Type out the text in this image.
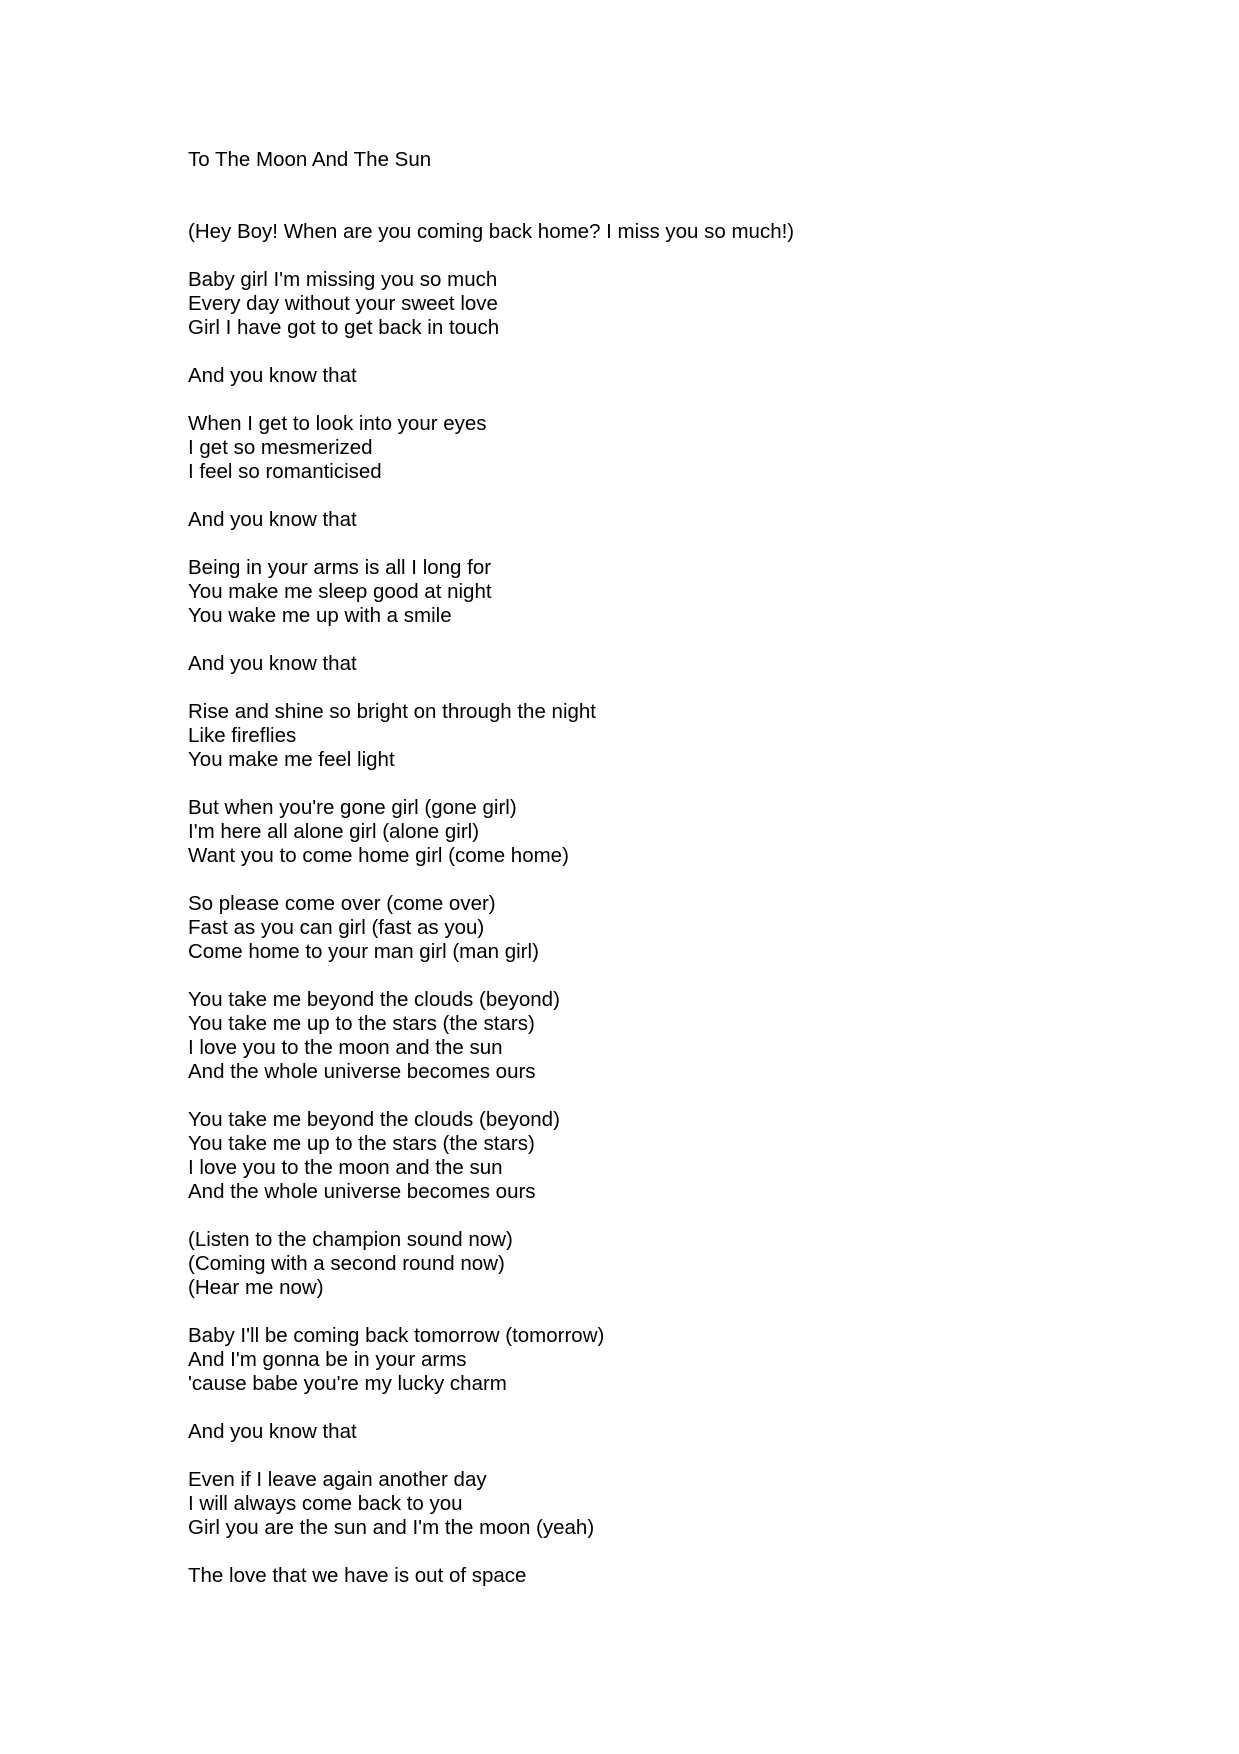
To The Moon And The Sun
(Hey Boy! When are you coming back home? I miss you so much!)
Baby girl I'm missing you so much
Every day without your sweet love
Girl I have got to get back in touch
And you know that
When I get to look into your eyes
I get so mesmerized
I feel so romanticised
And you know that
Being in your arms is all I long for
You make me sleep good at night
You wake me up with a smile
And you know that
Rise and shine so bright on through the night
Like fireflies
You make me feel light
But when you're gone girl (gone girl)
I'm here all alone girl (alone girl)
Want you to come home girl (come home)
So please come over (come over)
Fast as you can girl (fast as you)
Come home to your man girl (man girl)
You take me beyond the clouds (beyond)
You take me up to the stars (the stars)
I love you to the moon and the sun
And the whole universe becomes ours
You take me beyond the clouds (beyond)
You take me up to the stars (the stars)
I love you to the moon and the sun
And the whole universe becomes ours
(Listen to the champion sound now)
(Coming with a second round now)
(Hear me now)
Baby I'll be coming back tomorrow (tomorrow)
And I'm gonna be in your arms
'cause babe you're my lucky charm
And you know that
Even if I leave again another day
I will always come back to you
Girl you are the sun and I'm the moon (yeah)
The love that we have is out of space
